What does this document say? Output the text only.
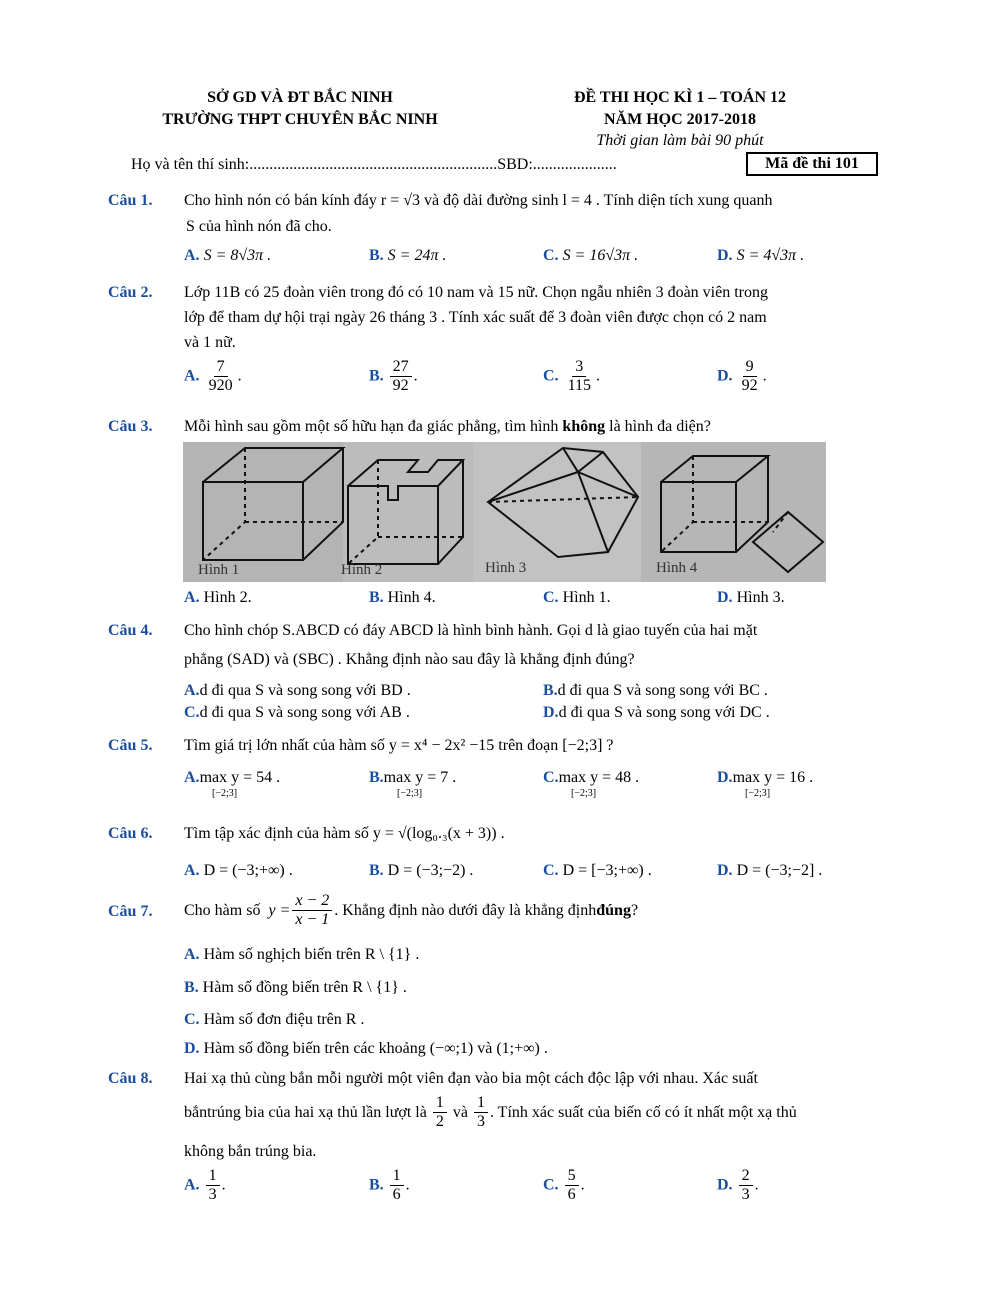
SỞ GD VÀ ĐT BẮC NINH
TRƯỜNG THPT CHUYÊN BẮC NINH
ĐỀ THI HỌC KÌ 1 – TOÁN 12
NĂM HỌC 2017-2018
Thời gian làm bài 90 phút
Họ và tên thí sinh:..............................................................SBD:.....................	Mã đề thi 101
Câu 1. Cho hình nón có bán kính đáy r = √3 và độ dài đường sinh l = 4 . Tính diện tích xung quanh
S của hình nón đã cho.
A. S = 8√3π .	B. S = 24π .	C. S = 16√3π .	D. S = 4√3π .
Câu 2. Lớp 11B có 25 đoàn viên trong đó có 10 nam và 15 nữ. Chọn ngẫu nhiên 3 đoàn viên trong
lớp để tham dự hội trại ngày 26 tháng 3 . Tính xác suất để 3 đoàn viên được chọn có 2 nam
và 1 nữ.
A. $\frac{7}{920}$ .	B. $\frac{27}{92}$ .	C. $\frac{3}{115}$ .	D. $\frac{9}{92}$ .
Câu 3. Mỗi hình sau gồm một số hữu hạn đa giác phẳng, tìm hình không là hình đa diện?
Hình 1	Hình 2	Hình 3	Hình 4
A. Hình 2.	B. Hình 4.	C. Hình 1.	D. Hình 3.
Câu 4. Cho hình chóp S.ABCD có đáy ABCD là hình bình hành. Gọi d là giao tuyến của hai mặt
phẳng (SAD) và (SBC) . Khẳng định nào sau đây là khẳng định đúng?
A.d đi qua S và song song với BD .	B.d đi qua S và song song với BC .
C.d đi qua S và song song với AB .	D.d đi qua S và song song với DC .
Câu 5. Tìm giá trị lớn nhất của hàm số y = x⁴ − 2x² −15 trên đoạn [−2;3] ?
A.max y = 54 .
[−2;3]
B.max y = 7 .
[−2;3]
C.max y = 48 .
[−2;3]
D.max y = 16 .
[−2;3]
Câu 6. Tìm tập xác định của hàm số y = √(log₀.₃(x + 3)) .
A. D = (−3;+∞) .	B. D = (−3;−2) .	C. D = [−3;+∞) .	D. D = (−3;−2] .
Câu 7. Cho hàm số
$y = \frac{x - 2}{x - 1}$ . Khẳng định nào dưới đây là khẳng định đúng ?
A. Hàm số nghịch biến trên R \ {1} .
B. Hàm số đồng biến trên R \ {1} .
C. Hàm số đơn điệu trên R .
D. Hàm số đồng biến trên các khoảng (−∞;1) và (1;+∞) .
Câu 8. Hai xạ thủ cùng bắn mỗi người một viên đạn vào bia một cách độc lập với nhau. Xác suất
bắntrúng bia của hai xạ thủ lần lượt là
$\frac{1}{2}$
và
$\frac{1}{3}$ . Tính xác suất của biến cố có ít nhất một xạ thủ
không bắn trúng bia.
A. $\frac{1}{3}$ .	B. $\frac{1}{6}$ .	C. $\frac{5}{6}$ .	D. $\frac{2}{3}$ .
